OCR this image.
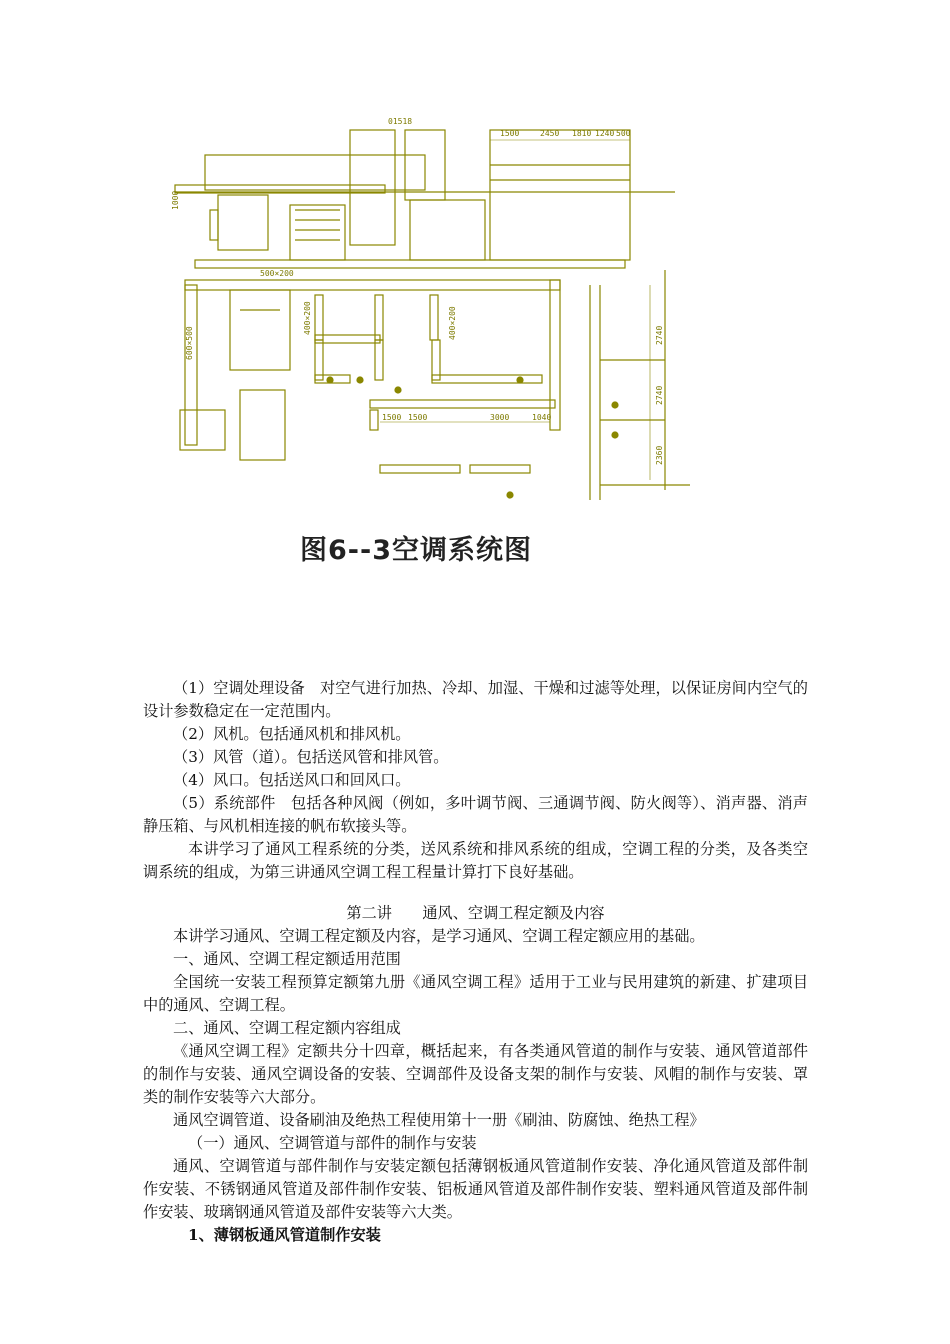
01518
1500	2450 1810 1240 500
500×200
600×500
400×200	400×200
1000
1500 1500	3000	1040
2740
2740
2360
图6--3空调系统图

（1）空调处理设备　对空气进行加热、冷却、加湿、干燥和过滤等处理，以保证房间内空气的设计参数稳定在一定范围内。

（2）风机。包括通风机和排风机。

（3）风管（道）。包括送风管和排风管。

（4）风口。包括送风口和回风口。

（5）系统部件　包括各种风阀（例如，多叶调节阀、三通调节阀、防火阀等）、消声器、消声静压箱、与风机相连接的帆布软接头等。

本讲学习了通风工程系统的分类，送风系统和排风系统的组成，空调工程的分类，及各类空调系统的组成，为第三讲通风空调工程工程量计算打下良好基础。

第二讲　　通风、空调工程定额及内容

本讲学习通风、空调工程定额及内容，是学习通风、空调工程定额应用的基础。

一、通风、空调工程定额适用范围

全国统一安装工程预算定额第九册《通风空调工程》适用于工业与民用建筑的新建、扩建项目中的通风、空调工程。

二、通风、空调工程定额内容组成

《通风空调工程》定额共分十四章，概括起来，有各类通风管道的制作与安装、通风管道部件的制作与安装、通风空调设备的安装、空调部件及设备支架的制作与安装、风帽的制作与安装、罩类的制作安装等六大部分。

通风空调管道、设备刷油及绝热工程使用第十一册《刷油、防腐蚀、绝热工程》

（一）通风、空调管道与部件的制作与安装

通风、空调管道与部件制作与安装定额包括薄钢板通风管道制作安装、净化通风管道及部件制作安装、不锈钢通风管道及部件制作安装、铝板通风管道及部件制作安装、塑料通风管道及部件制作安装、玻璃钢通风管道及部件安装等六大类。

1、薄钢板通风管道制作安装
